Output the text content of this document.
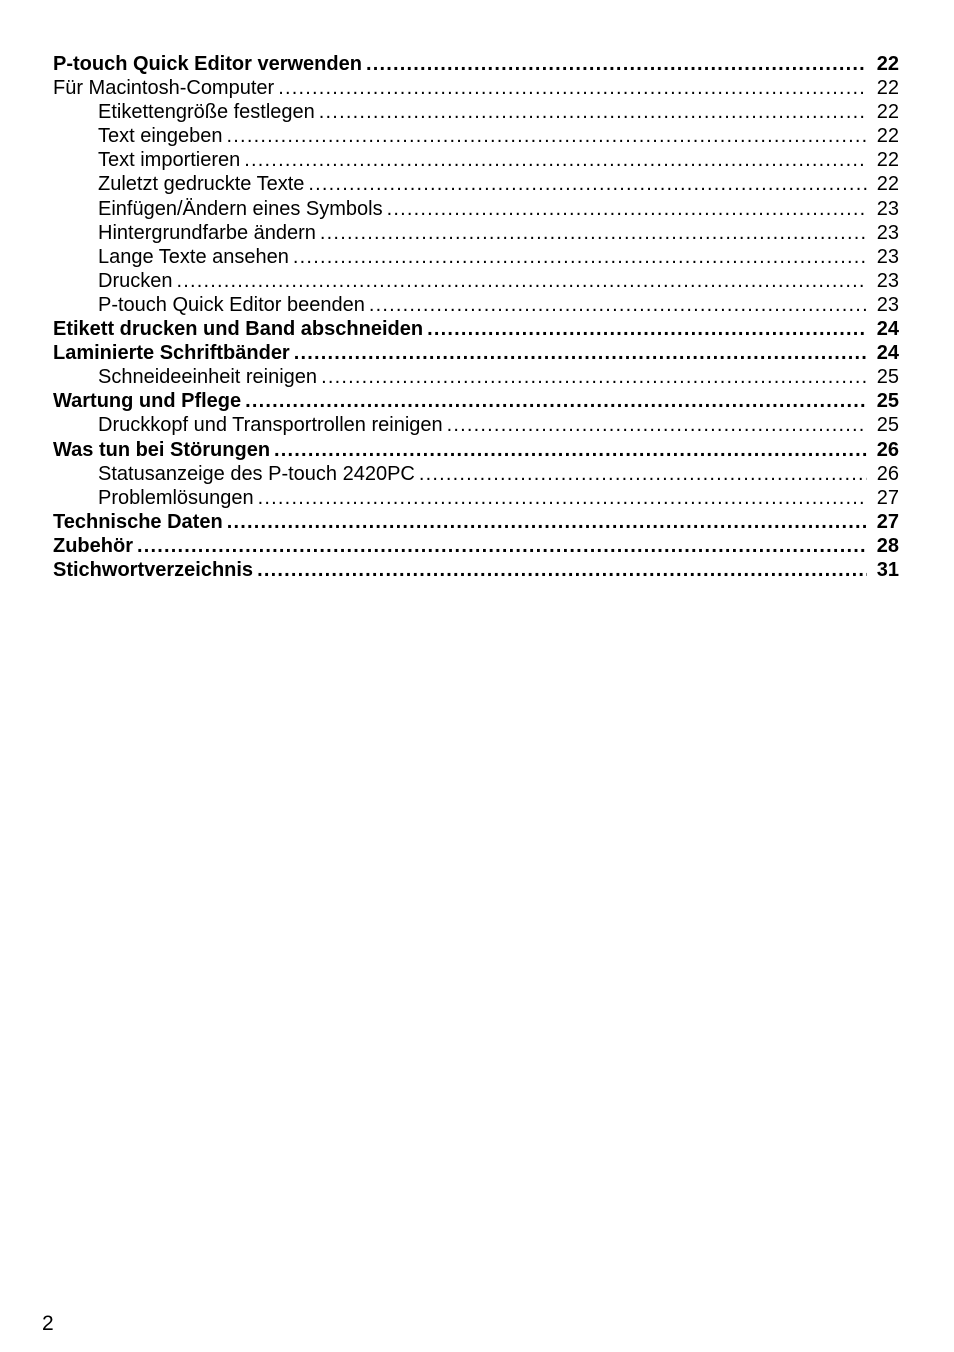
P-touch Quick Editor verwenden .....	22
Für Macintosh-Computer .....	22
Etikettengröße festlegen .....	22
Text eingeben .....	22
Text importieren .....	22
Zuletzt gedruckte Texte .....	22
Einfügen/Ändern eines Symbols .....	23
Hintergrundfarbe ändern .....	23
Lange Texte ansehen .....	23
Drucken .....	23
P-touch Quick Editor beenden .....	23
Etikett drucken und Band abschneiden .....	24
Laminierte Schriftbänder .....	24
Schneideeinheit reinigen .....	25
Wartung und Pflege .....	25
Druckkopf und Transportrollen reinigen .....	25
Was tun bei Störungen .....	26
Statusanzeige des P-touch 2420PC .....	26
Problemlösungen .....	27
Technische Daten .....	27
Zubehör .....	28
Stichwortverzeichnis .....	31
2
